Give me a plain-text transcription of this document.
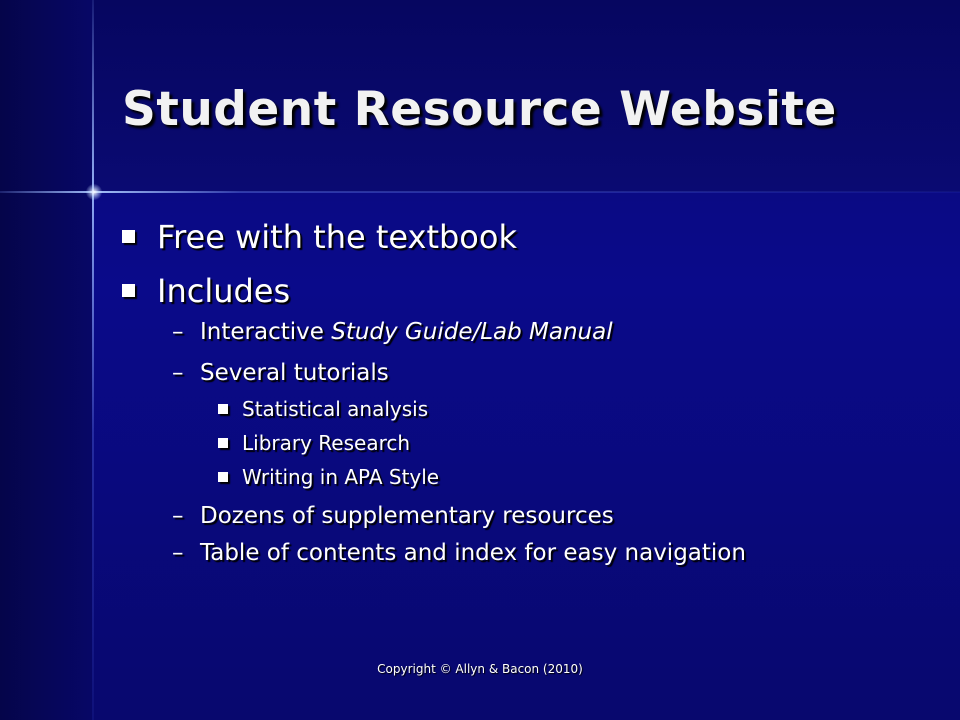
Student Resource Website
Free with the textbook
Includes
– Interactive Study Guide/Lab Manual
– Several tutorials
Statistical analysis
Library Research
Writing in APA Style
– Dozens of supplementary resources
– Table of contents and index for easy navigation
Copyright © Allyn & Bacon (2010)
